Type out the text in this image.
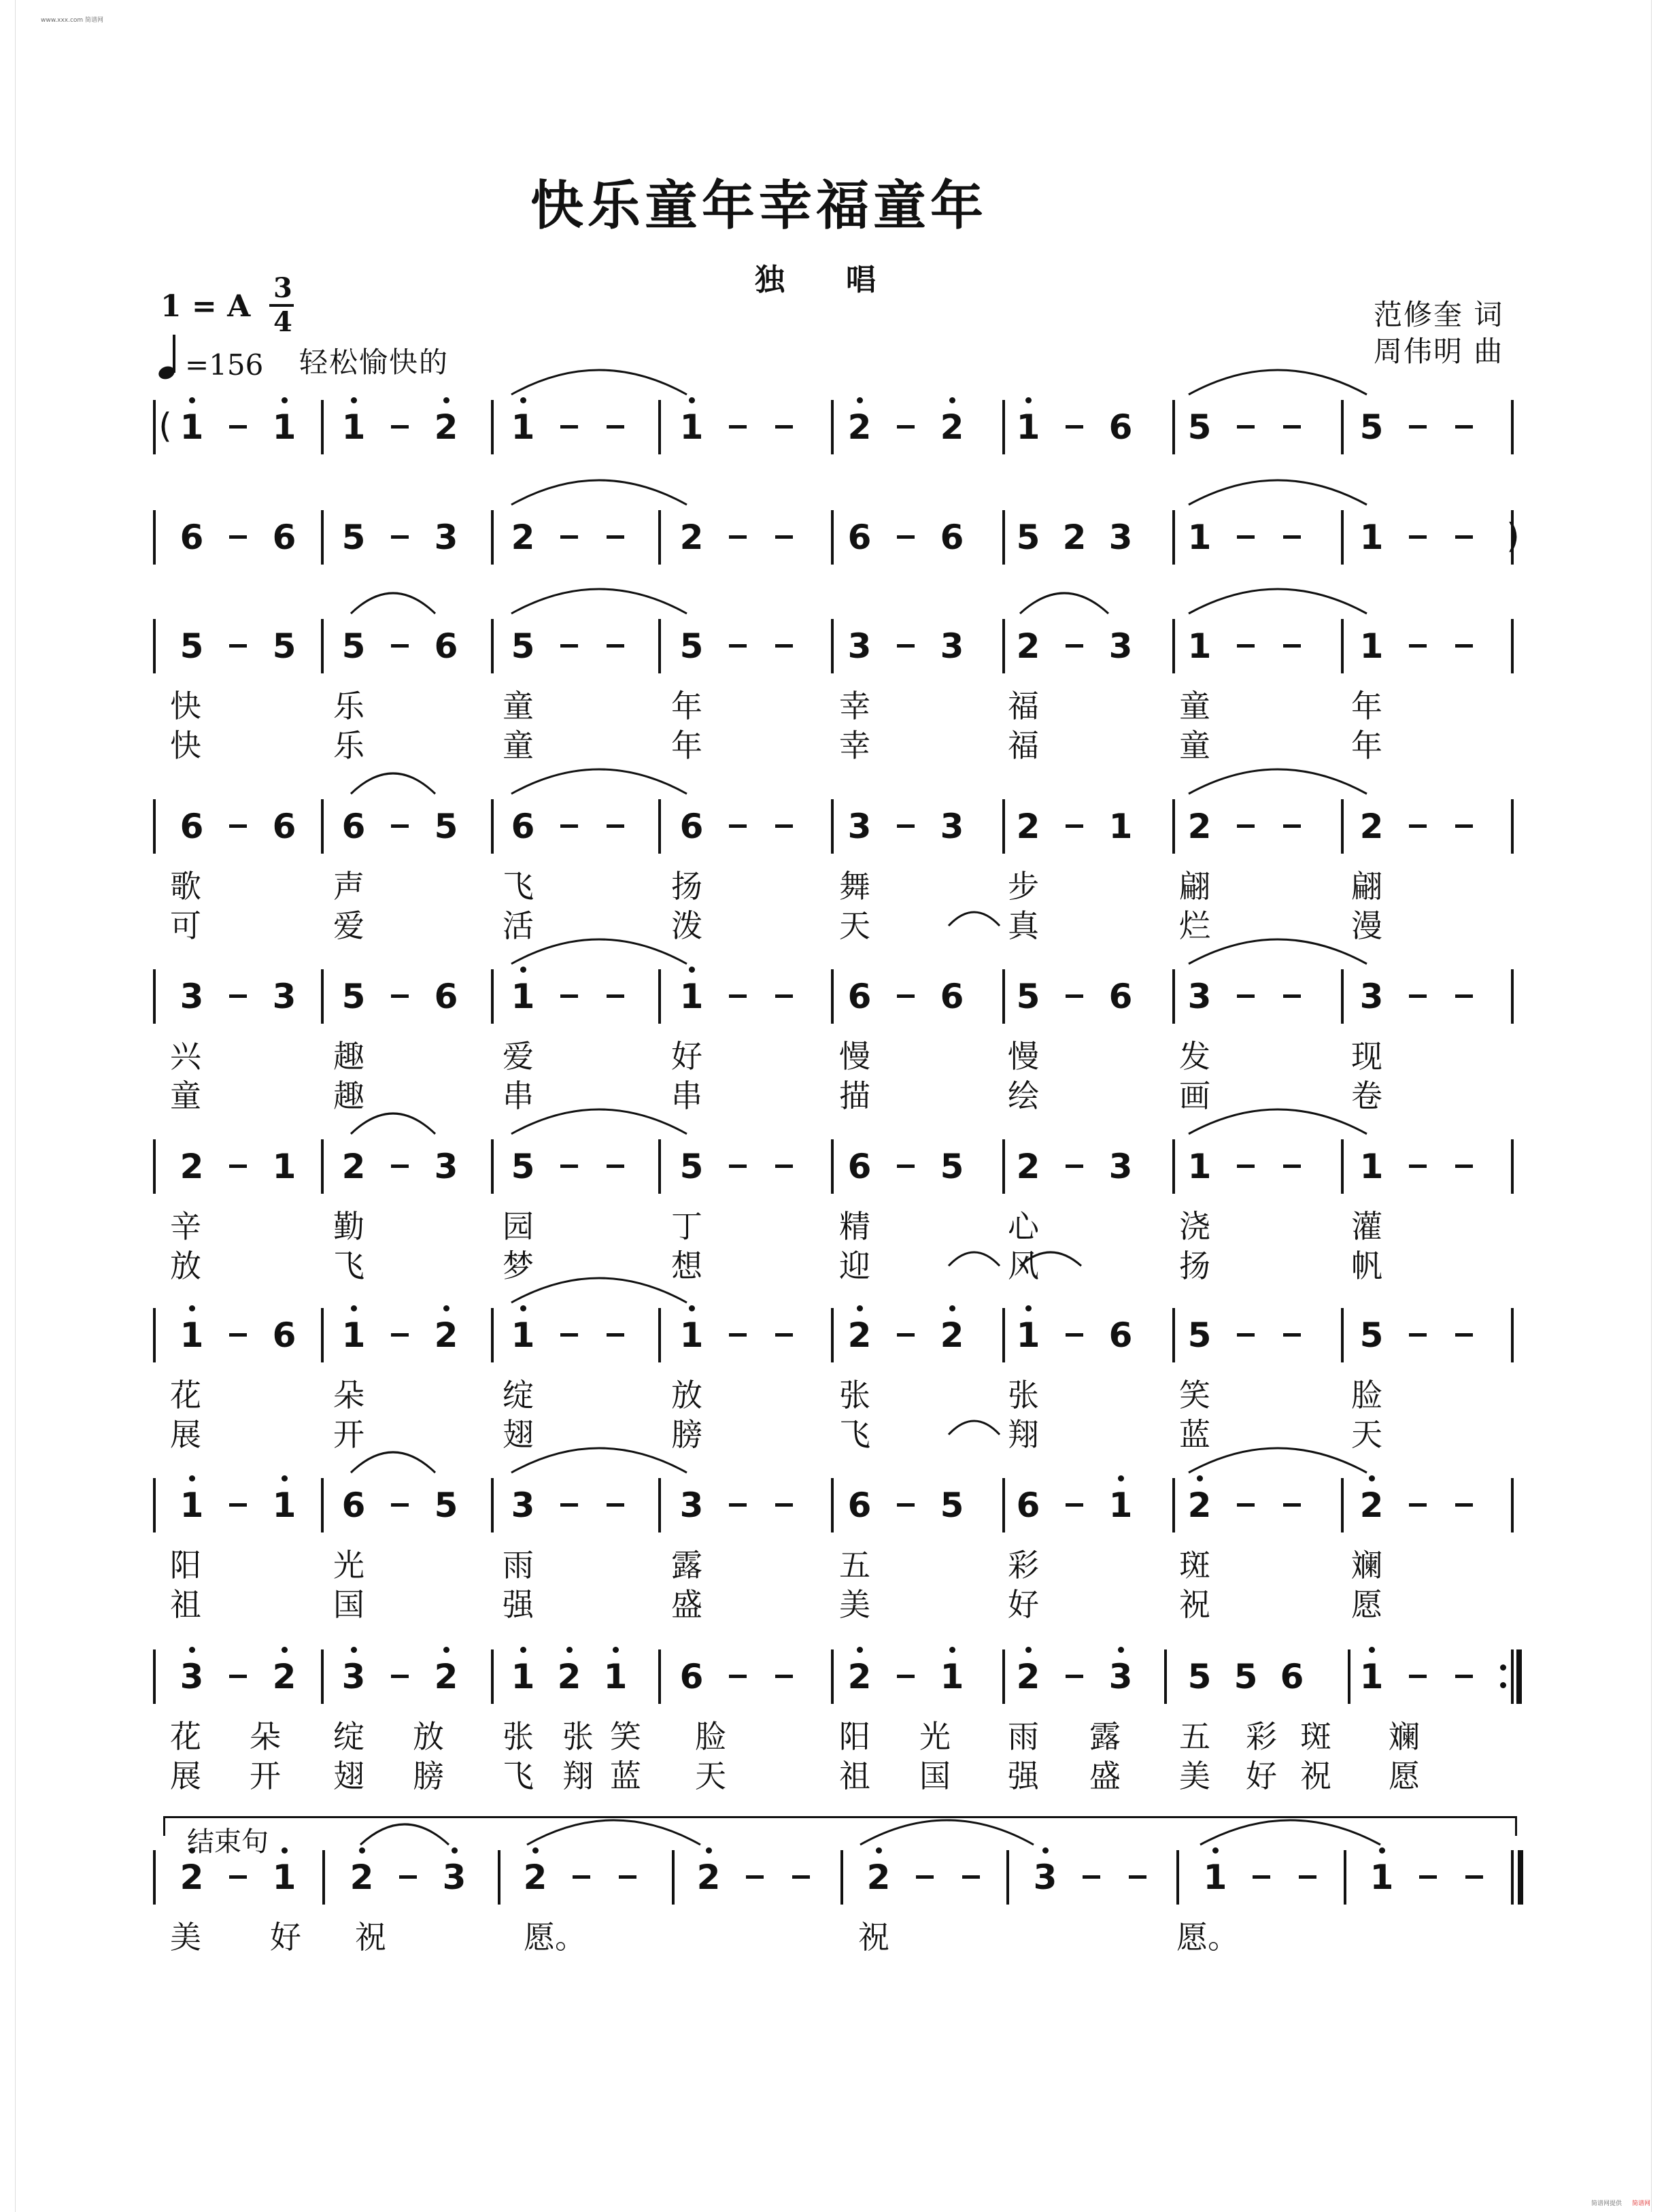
www.xxx.com 简谱网
快乐童年幸福童年
独唱
1 = A
3
4
=156 轻松愉快的
范修奎 词
周伟明 曲
1 1 1 2 1	1	2 2 1 6 5	5
6 6 5 3 2	2	6 6 5 2 3 1	1
5 5 5 6 5	5	3 3 2 3 1	1
快	乐	童	年	幸	福	童	年
快	乐	童	年	幸	福	童	年
6 6 6 5 6	6	3 3 2 1 2	2
歌	声	飞	扬	舞	步	翩	翩
可	爱	活	泼	天	真	烂	漫
3 3 5 6 1	1	6 6 5 6 3	3
兴	趣	爱	好	慢	慢	发	现
童	趣	串	串	描	绘	画	卷
2 1 2 3 5	5	6 5 2 3 1	1
辛	勤	园	丁	精	心	浇	灌
放	飞	梦	想	迎	风	扬	帆
1 6 1 2 1	1	2 2 1 6 5	5
花	朵	绽	放	张	张	笑	脸
展	开	翅	膀	飞	翔	蓝	天
1 1 6 5 3	3	6 5 6 1 2	2
阳	光	雨	露	五	彩	斑	斓
祖	国	强	盛	美	好	祝	愿
3 2 3 2 1 2 1 6	2 1 2 3 5 5 6 1
花 朵 绽 放 张 张 笑 脸	阳 光 雨 露 五 彩 斑 斓
展 开 翅 膀 飞 翔 蓝 天	祖 国 强 盛 美 好 祝 愿
2 1 2 3 2	2	2	3	1	1
结束句
美 好 祝	愿。	祝	愿。
(
)
简谱网提供 简谱网
